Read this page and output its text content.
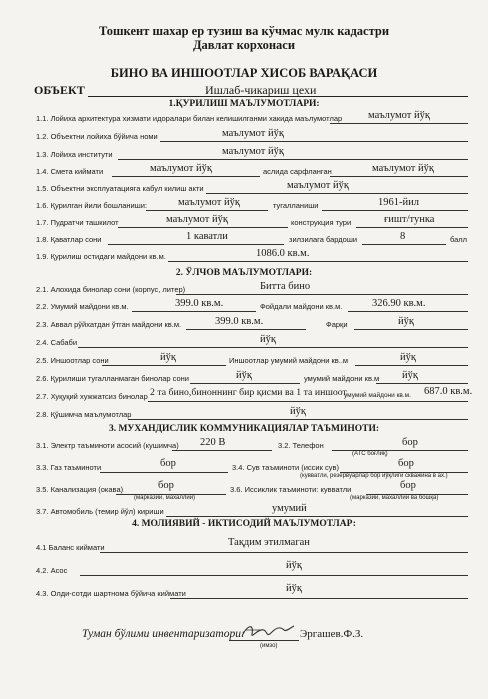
Тошкент шахар ер тузиш ва кўчмас мулк кадастри
Давлат корхонаси
БИНО ВА ИНШООТЛАР ХИСОБ ВАРАҚАСИ
ОБЪЕКТ	Ишлаб-чикариш цехи
1.ҚУРИЛИШ МАЪЛУМОТЛАРИ:
1.1. Лойиха архитектура хизмати идоралари билан келишилганми хакида маълумотлар маълумот йўқ
1.2. Объектни лойиха бўйича номи	маълумот йўқ
1.3. Лойиха институти	маълумот йўқ
1.4. Смета киймати	маълумот йўқ	аслида сарфланган	маълумот йўқ
1.5. Объектни эксплуатацияга кабул килиш акти	маълумот йўқ
1.6. Қурилган йили бошланиши:	маълумот йўқ	тугалланиши	1961-йил
1.7. Пудратчи ташкилот	маълумот йўқ	конструкция тури	ғишт/тунка
1.8. Қаватлар сони	1 каватли	зилзилага бардоши	8	балл
1.9. Қурилиш остидаги майдони кв.м.	1086.0 кв.м.
2. ЎЛЧОВ МАЪЛУМОТЛАРИ:
2.1. Алохида бинолар сони (корпус, литер)	Битта бино
2.2. Умумий майдони кв.м.	399.0 кв.м.	Фойдали майдони кв.м.	326.90 кв.м.
2.3. Аввал рўйхатдан ўтган майдони кв.м.	399.0 кв.м.	Фарқи	йўқ
2.4. Сабаби	йўқ
2.5. Иншоотлар сони	йўқ	Иншоотлар умумий майдони кв..м	йўқ
2.6. Қурилиши тугалланмаган бинолар сони	йўқ	умумий майдони кв.м йўқ
2.7. Хуқуқий хужжатсиз бинолар 2 та бино,биноннинг бир қисми ва 1 та иншоот
умумий майдони кв.м. 687.0 кв.м.
2.8. Қўшимча маълумотлар	йўқ
3. МУХАНДИСЛИК КОММУНИКАЦИЯЛАР ТАЪМИНОТИ:
3.1. Электр таъминоти асосий (кушимча) 220 В	3.2. Телефон	бор
(АТС боғлиқ)
3.3. Газ таъминоти	бор	3.4. Сув таъминоти (иссик сув)	бор
(кувватли, резервуарлар бор йўқлиги скважина в ах.)
3.5. Канализация (окава)	бор
(марказий, махаллий)
3.6. Иссиклик таъминоти: кувватли	бор
(марказий, махаллий ва бошқа)
3.7. Автомобиль (темир йўл) кириши	умумий
4. МОЛИЯВИЙ - ИКТИСОДИЙ МАЪЛУМОТЛАР:
4.1 Баланс киймати	Тақдим этилмаган
4.2. Асос	йўқ
4.3. Олди-сотди шартнома бўйича киймати	йўқ
Туман бўлими инвентаризатори:
(имзо)
Эргашев.Ф.З.
